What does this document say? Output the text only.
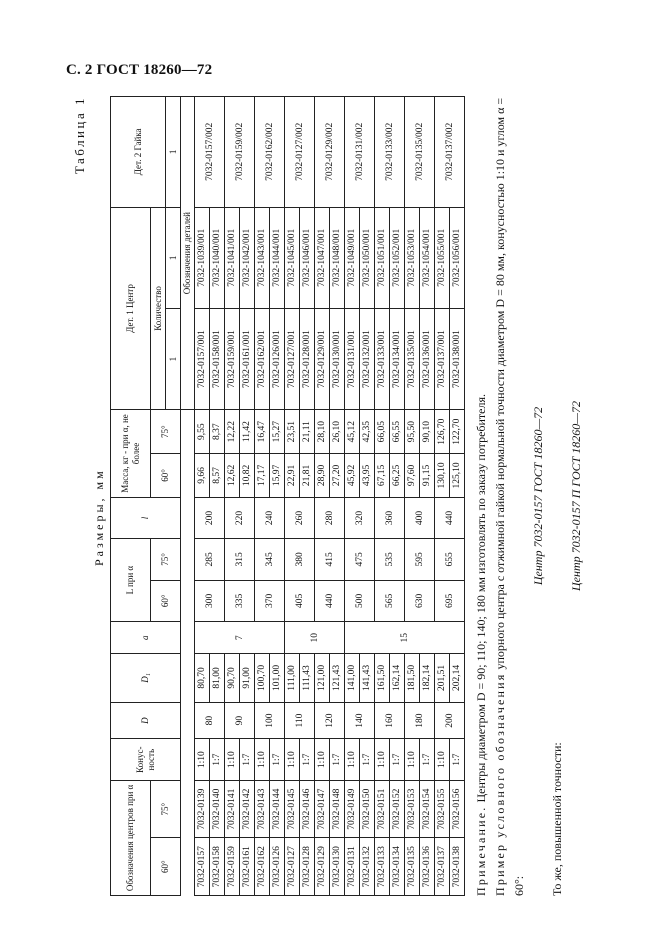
С. 2 ГОСТ 18260—72
Таблица 1
Размеры, мм
Обозначения центров при α		Конус-ность	D	D₁	a	L при α		l	Масса, кг - при α, не более		Дет. 1 Центр		Дет. 2 Гайка
60°	75°					60°	75°		60°	75°	Количество		
											1	1	1
											Обозначения деталей		
7032-0157	7032-0139	1:10	80	80,70	7	300	285	200	9,66	9,55	7032-0157/001	7032-1039/001	7032-0157/002
7032-0158	7032-0140	1:7		81,00					8,57	8,37	7032-0158/001	7032-1040/001	
7032-0159	7032-0141	1:10	90	90,70		335	315	220	12,62	12,22	7032-0159/001	7032-1041/001	7032-0159/002
7032-0161	7032-0142	1:7		91,00					10,82	11,42	7032-0161/001	7032-1042/001	
7032-0162	7032-0143	1:10	100	100,70		370	345	240	17,17	16,47	7032-0162/001	7032-1043/001	7032-0162/002
7032-0126	7032-0144	1:7		101,00					15,97	15,27	7032-0126/001	7032-1044/001	
7032-0127	7032-0145	1:10	110	111,00	10	405	380	260	22,91	23,51	7032-0127/001	7032-1045/001	7032-0127/002
7032-0128	7032-0146	1:7		111,43					21,81	21,11	7032-0128/001	7032-1046/001	
7032-0129	7032-0147	1:10	120	121,00		440	415	280	28,90	28,10	7032-0129/001	7032-1047/001	7032-0129/002
7032-0130	7032-0148	1:7		121,43					27,20	26,10	7032-0130/001	7032-1048/001	
7032-0131	7032-0149	1:10	140	141,00	15	500	475	320	45,92	45,12	7032-0131/001	7032-1049/001	7032-0131/002
7032-0132	7032-0150	1:7		141,43					43,95	42,35	7032-0132/001	7032-1050/001	
7032-0133	7032-0151	1:10	160	161,50		565	535	360	67,15	66,05	7032-0133/001	7032-1051/001	7032-0133/002
7032-0134	7032-0152	1:7		162,14					66,25	66,55	7032-0134/001	7032-1052/001	
7032-0135	7032-0153	1:10	180	181,50		630	595	400	97,60	95,50	7032-0135/001	7032-1053/001	7032-0135/002
7032-0136	7032-0154	1:7		182,14					91,15	90,10	7032-0136/001	7032-1054/001	
7032-0137	7032-0155	1:10	200	201,51		695	655	440	130,10	126,70	7032-0137/001	7032-1055/001	7032-0137/002
7032-0138	7032-0156	1:7		202,14					125,10	122,70	7032-0138/001	7032-1056/001	

Примечание. Центры диаметром D = 90; 110; 140; 180 мм изготовлять по заказу потребителя. Пример условного обозначения упорного центра с отжимной гайкой нормальной точности диаметром D = 80 мм, конусностью 1:10 и углом α = 60°:

Центр 7032-0157 ГОСТ 18260—72

То же, повышенной точности:

Центр 7032-0157 П ГОСТ 18260—72
